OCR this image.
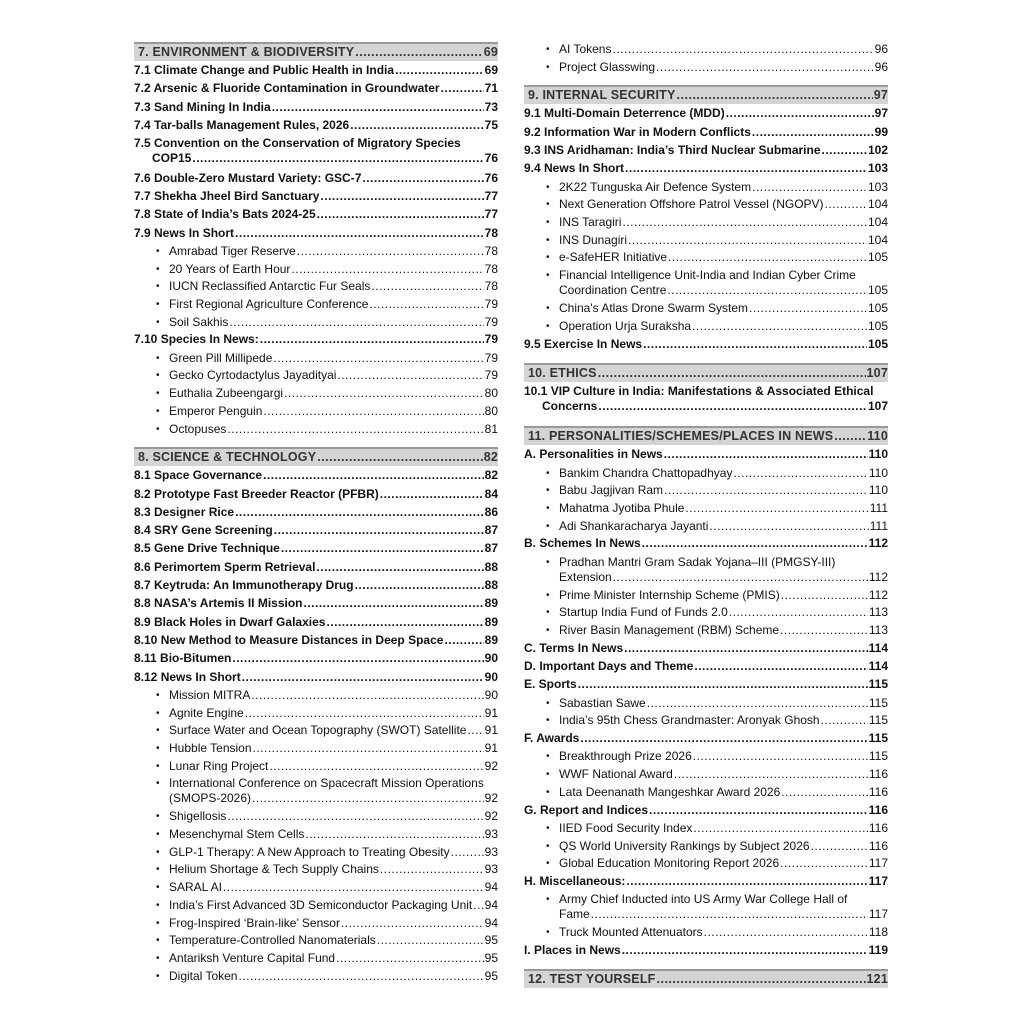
7. ENVIRONMENT & BIODIVERSITY .....	69
7.1 Climate Change and Public Health in India .....	69
7.2 Arsenic & Fluoride Contamination in Groundwater .....	71
7.3 Sand Mining In India .....	73
7.4 Tar-balls Management Rules, 2026 .....	75
7.5 Convention on the Conservation of Migratory Species
COP15 .....	76
7.6 Double-Zero Mustard Variety: GSC-7 .....	76
7.7 Shekha Jheel Bird Sanctuary .....	77
7.8 State of India’s Bats 2024-25 .....	77
7.9 News In Short .....	78
• Amrabad Tiger Reserve .....	78
• 20 Years of Earth Hour .....	78
• IUCN Reclassified Antarctic Fur Seals .....	78
• First Regional Agriculture Conference .....	79
• Soil Sakhis .....	79
7.10 Species In News: .....	79
• Green Pill Millipede .....	79
• Gecko Cyrtodactylus Jayadityai .....	79
• Euthalia Zubeengargi .....	80
• Emperor Penguin .....	80
• Octopuses .....	81
8. SCIENCE & TECHNOLOGY .....	82
8.1 Space Governance .....	82
8.2 Prototype Fast Breeder Reactor (PFBR) .....	84
8.3 Designer Rice .....	86
8.4 SRY Gene Screening .....	87
8.5 Gene Drive Technique .....	87
8.6 Perimortem Sperm Retrieval .....	88
8.7 Keytruda: An Immunotherapy Drug .....	88
8.8 NASA’s Artemis II Mission .....	89
8.9 Black Holes in Dwarf Galaxies .....	89
8.10 New Method to Measure Distances in Deep Space .....	89
8.11 Bio-Bitumen .....	90
8.12 News In Short .....	90
• Mission MITRA .....	90
• Agnite Engine .....	91
• Surface Water and Ocean Topography (SWOT) Satellite ..... 91
• Hubble Tension .....	91
• Lunar Ring Project .....	92
• International Conference on Spacecraft Mission Operations
(SMOPS-2026) .....	92
• Shigellosis .....	92
• Mesenchymal Stem Cells .....	93
• GLP-1 Therapy: A New Approach to Treating Obesity .....	93
• Helium Shortage & Tech Supply Chains .....	93
• SARAL AI .....	94
• India’s First Advanced 3D Semiconductor Packaging Unit ..... 94
• Frog-Inspired ‘Brain-like’ Sensor .....	94
• Temperature-Controlled Nanomaterials .....	95
• Antariksh Venture Capital Fund .....	95
• Digital Token .....	95
• AI Tokens .....	96
• Project Glasswing .....	96
9. INTERNAL SECURITY .....	97
9.1 Multi-Domain Deterrence (MDD) .....	97
9.2 Information War in Modern Conflicts .....	99
9.3 INS Aridhaman: India’s Third Nuclear Submarine .....	102
9.4 News In Short .....	103
• 2K22 Tunguska Air Defence System .....	103
• Next Generation Offshore Patrol Vessel (NGOPV) .....	104
• INS Taragiri .....	104
• INS Dunagiri .....	104
• e-SafeHER Initiative .....	105
• Financial Intelligence Unit-India and Indian Cyber Crime
Coordination Centre .....	105
• China's Atlas Drone Swarm System .....	105
• Operation Urja Suraksha .....	105
9.5 Exercise In News .....	105
10. ETHICS .....	107
10.1 VIP Culture in India: Manifestations & Associated Ethical
Concerns .....	107
11. PERSONALITIES/SCHEMES/PLACES IN NEWS .....	110
A. Personalities in News .....	110
• Bankim Chandra Chattopadhyay .....	110
• Babu Jagjivan Ram .....	110
• Mahatma Jyotiba Phule .....	111
• Adi Shankaracharya Jayanti .....	111
B. Schemes In News .....	112
• Pradhan Mantri Gram Sadak Yojana–III (PMGSY-III)
Extension .....	112
• Prime Minister Internship Scheme (PMIS) .....	112
• Startup India Fund of Funds 2.0 .....	113
• River Basin Management (RBM) Scheme .....	113
C. Terms In News .....	114
D. Important Days and Theme .....	114
E. Sports .....	115
• Sabastian Sawe .....	115
• India’s 95th Chess Grandmaster: Aronyak Ghosh .....	115
F. Awards .....	115
• Breakthrough Prize 2026 .....	115
• WWF National Award .....	116
• Lata Deenanath Mangeshkar Award 2026 .....	116
G. Report and Indices .....	116
• IIED Food Security Index .....	116
• QS World University Rankings by Subject 2026 .....	116
• Global Education Monitoring Report 2026 .....	117
H. Miscellaneous: .....	117
• Army Chief Inducted into US Army War College Hall of
Fame .....	117
• Truck Mounted Attenuators .....	118
I. Places in News .....	119
12. TEST YOURSELF .....	121
